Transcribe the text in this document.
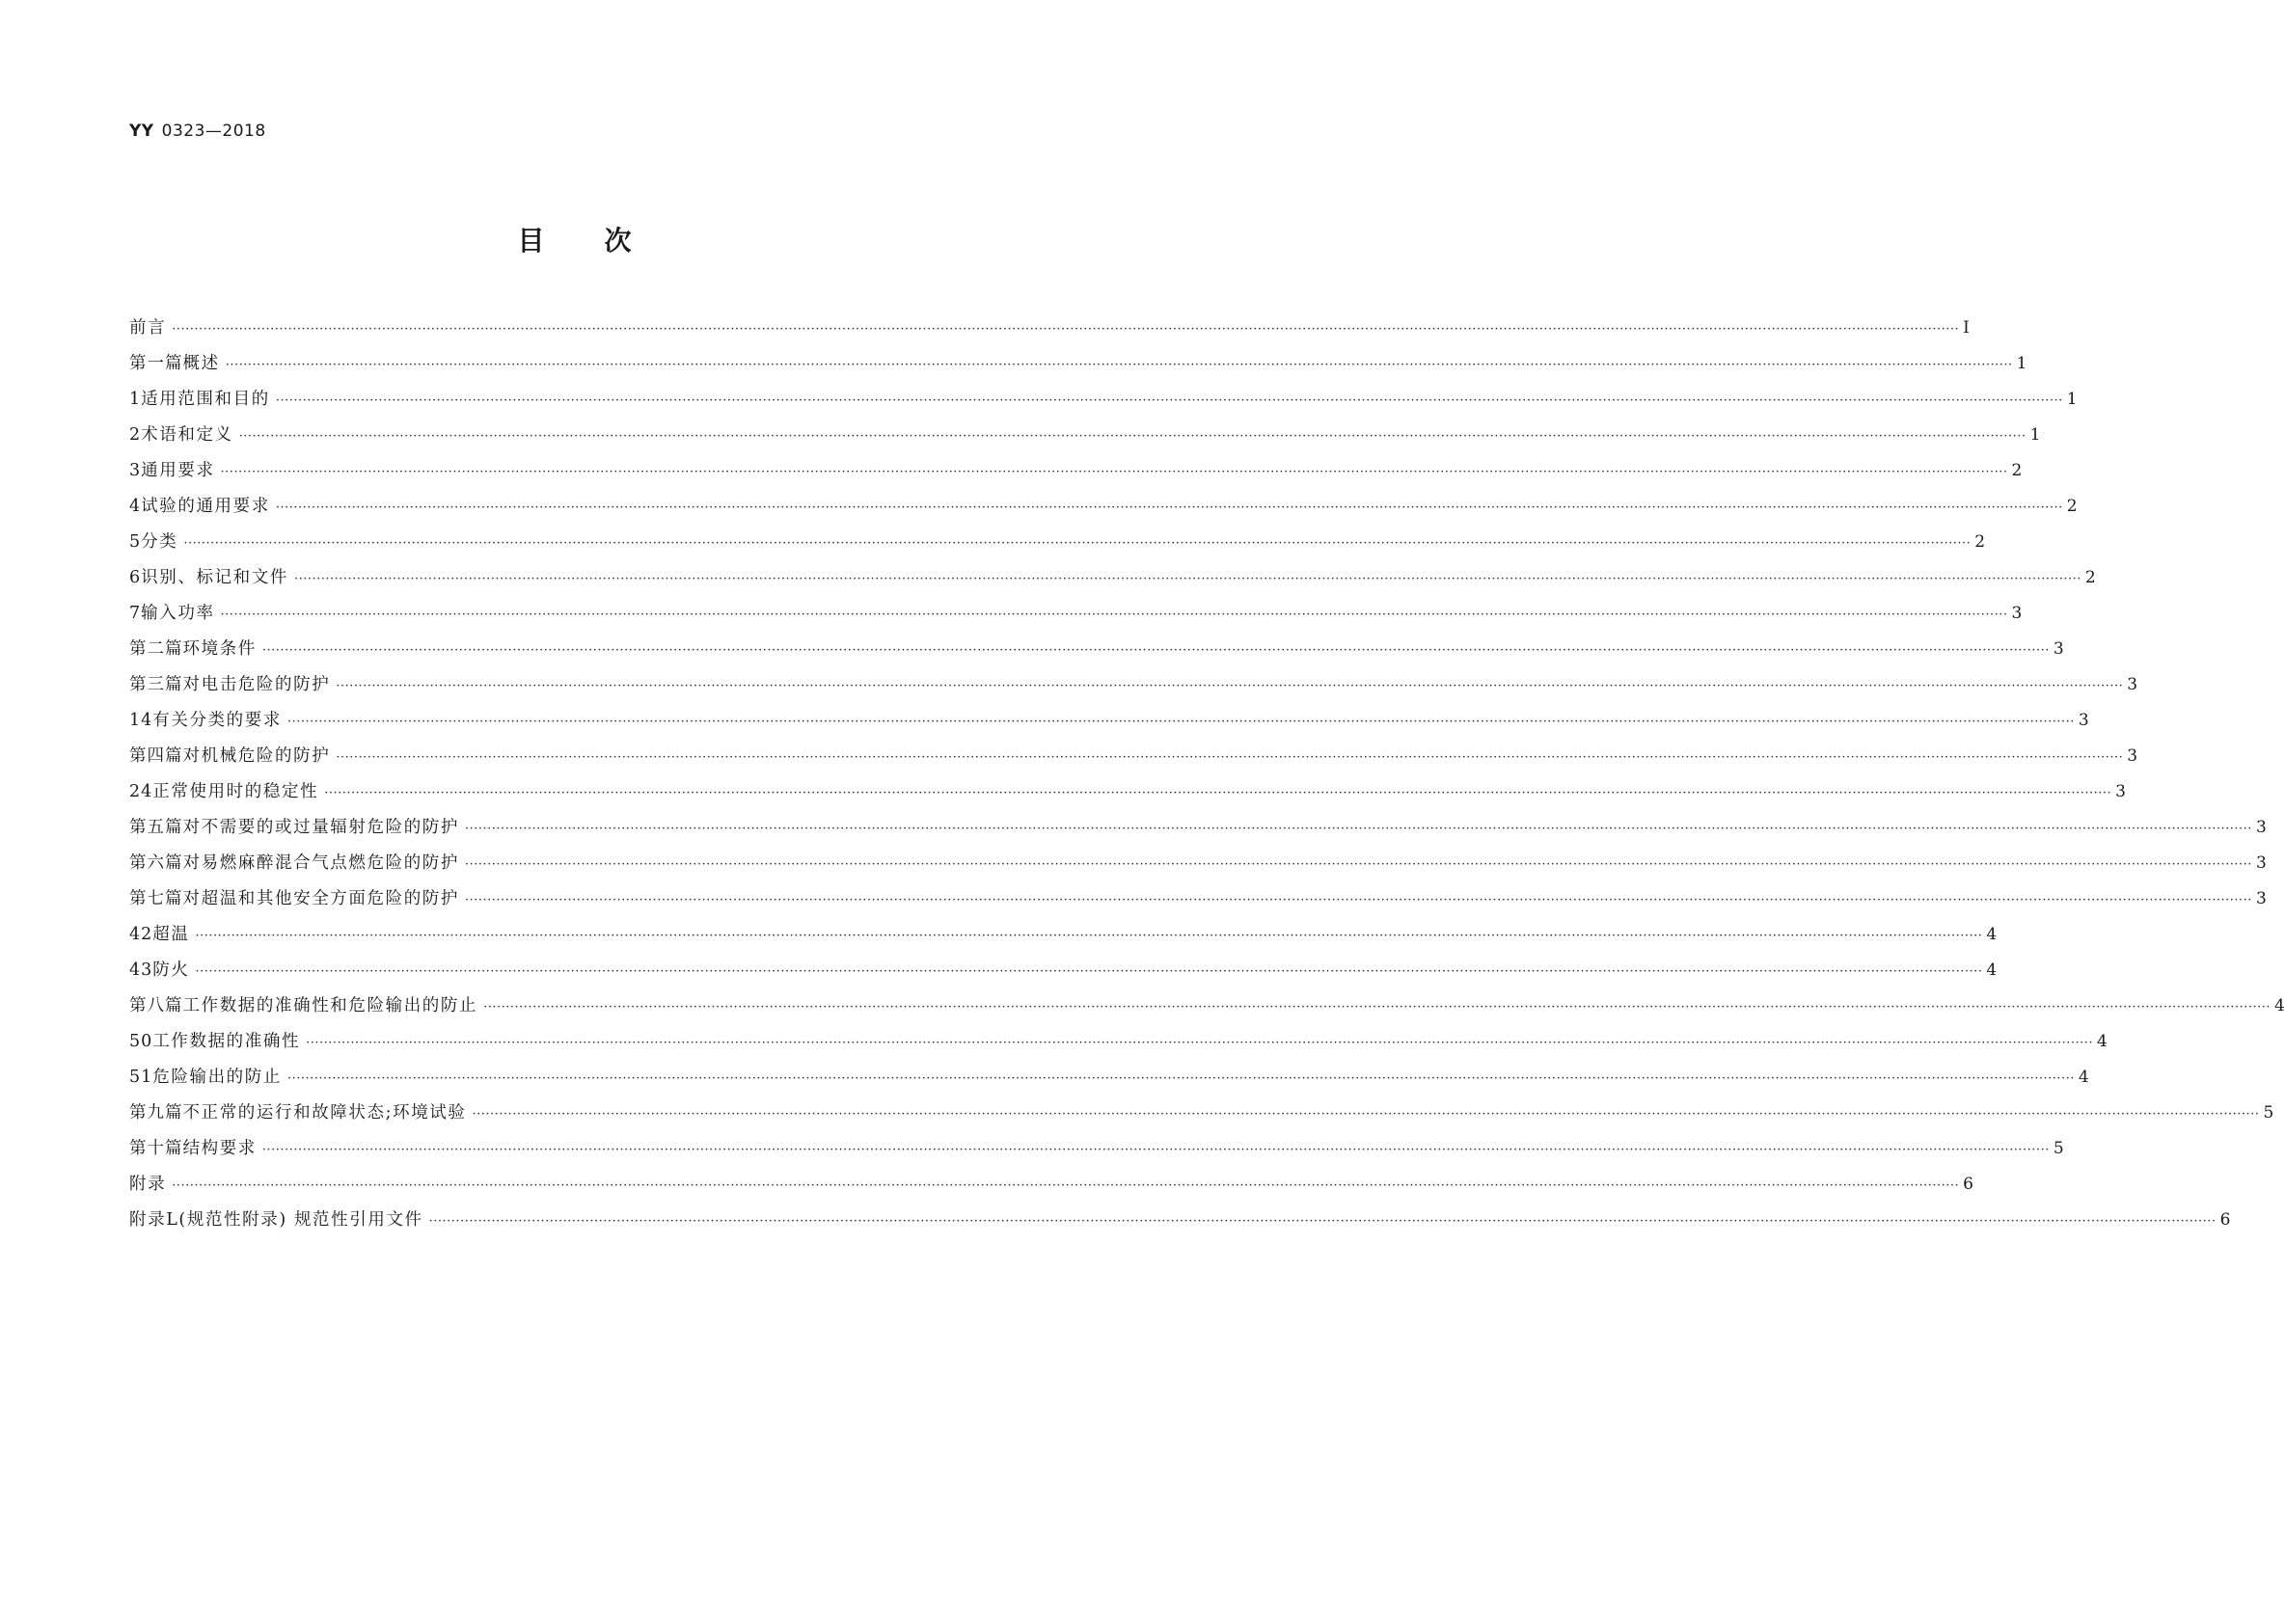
YY 0323—2018
目次
前言 ················································································································································································································································································································································································································ Ⅰ
第一篇 概述 ················································································································································································································································································································································································································ 1
1 适用范围和目的 ················································································································································································································································································································································································································ 1
2 术语和定义 ················································································································································································································································································································································································································ 1
3 通用要求 ················································································································································································································································································································································································································ 2
4 试验的通用要求 ················································································································································································································································································································································································································ 2
5 分类 ················································································································································································································································································································································································································ 2
6 识别、标记和文件 ················································································································································································································································································································································································································ 2
7 输入功率 ················································································································································································································································································································································································································ 3
第二篇 环境条件 ················································································································································································································································································································································································································ 3
第三篇 对电击危险的防护 ················································································································································································································································································································································································································ 3
14 有关分类的要求 ················································································································································································································································································································································································································ 3
第四篇 对机械危险的防护 ················································································································································································································································································································································································································ 3
24 正常使用时的稳定性 ················································································································································································································································································································································································································ 3
第五篇 对不需要的或过量辐射危险的防护 ················································································································································································································································································································································································································ 3
第六篇 对易燃麻醉混合气点燃危险的防护 ················································································································································································································································································································································································································ 3
第七篇 对超温和其他安全方面危险的防护 ················································································································································································································································································································································································································ 3
42 超温 ················································································································································································································································································································································································································ 4
43 防火 ················································································································································································································································································································································································································ 4
第八篇 工作数据的准确性和危险输出的防止 ················································································································································································································································································································································································································ 4
50 工作数据的准确性 ················································································································································································································································································································································································································ 4
51 危险输出的防止 ················································································································································································································································································································································································································ 4
第九篇 不正常的运行和故障状态;环境试验 ················································································································································································································································································································································································································ 5
第十篇 结构要求 ················································································································································································································································································································································································································ 5
附录 ················································································································································································································································································································································································································ 6
附录L(规范性附录) 规范性引用文件 ················································································································································································································································································································································································································ 6
